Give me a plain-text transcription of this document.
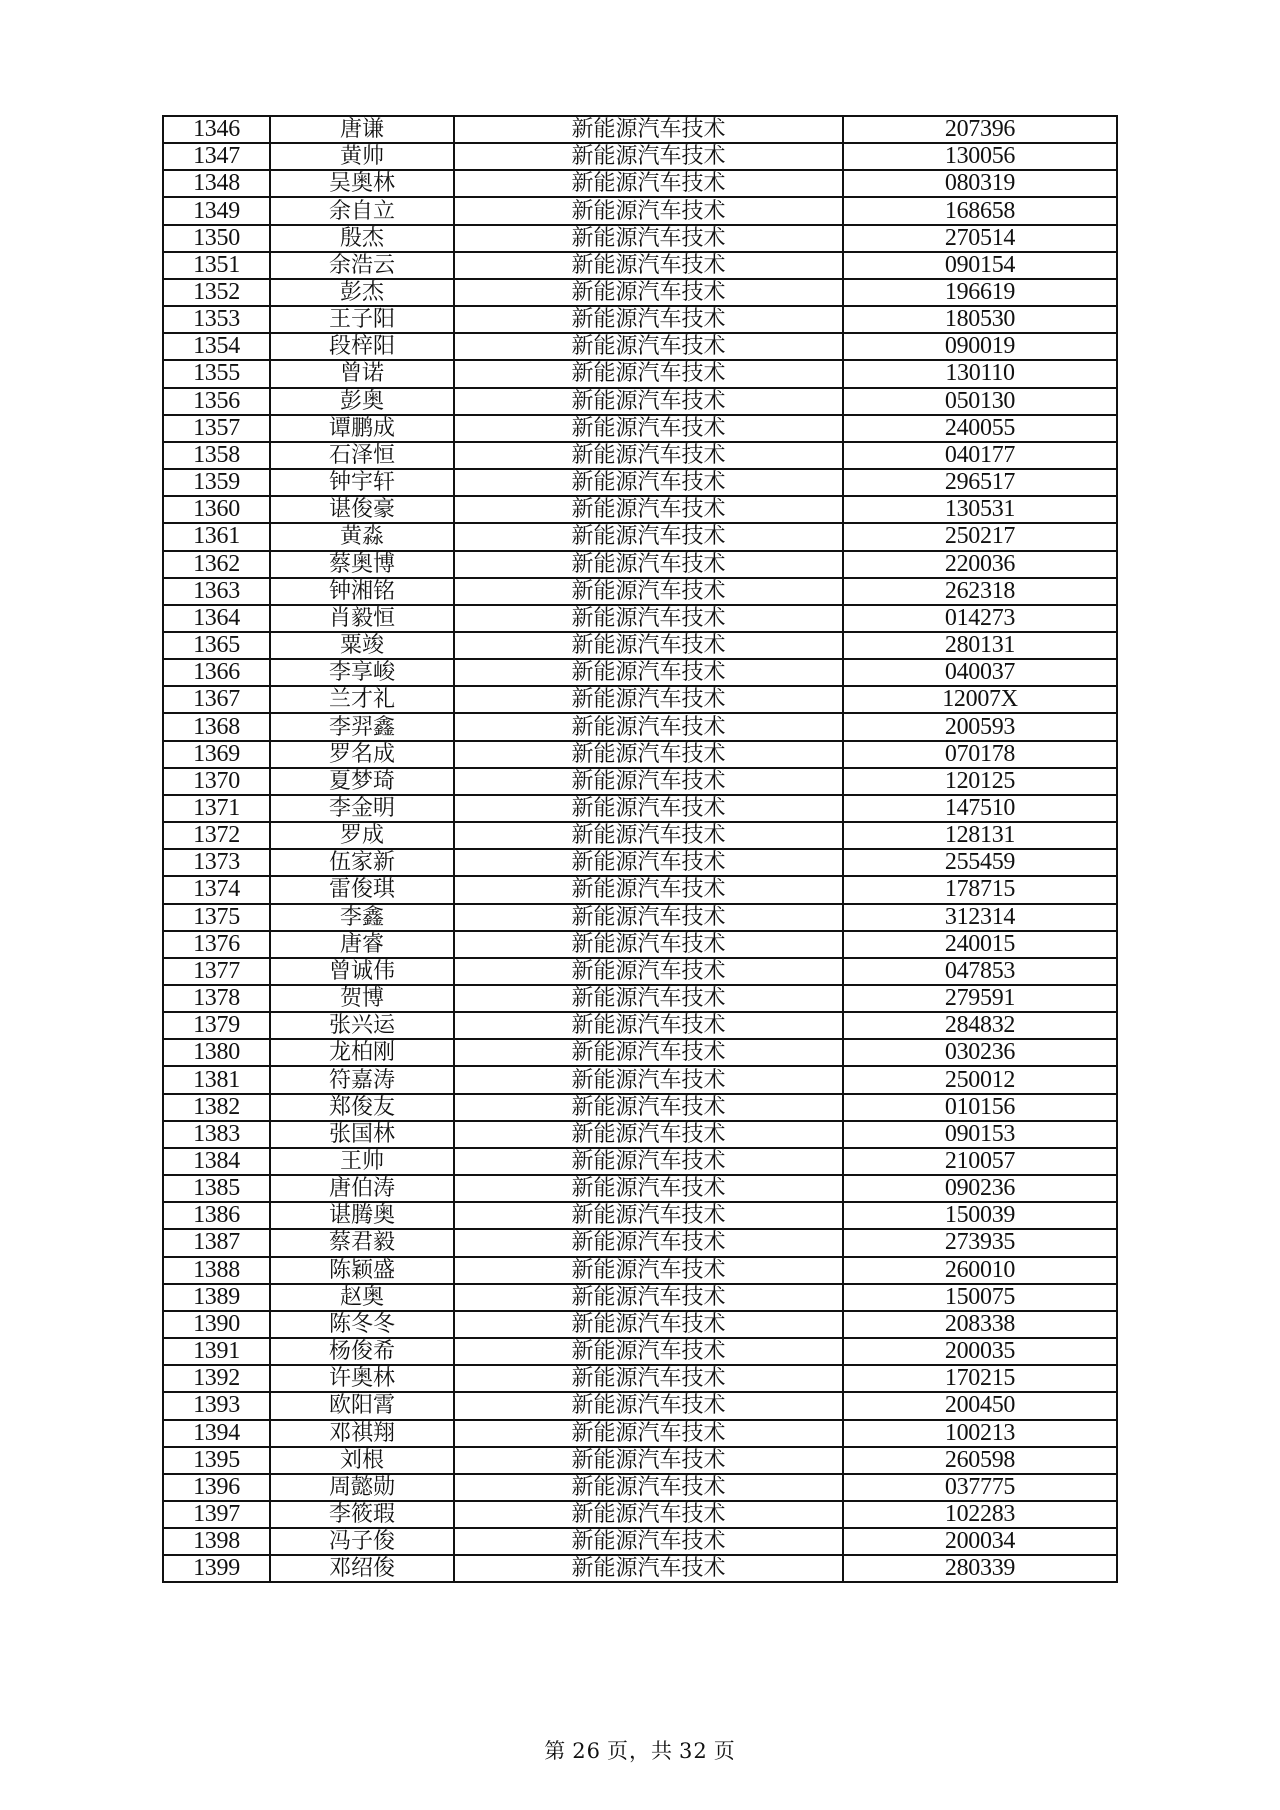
1346	唐谦	新能源汽车技术	207396
1347	黄帅	新能源汽车技术	130056
1348	吴奥林	新能源汽车技术	080319
1349	余自立	新能源汽车技术	168658
1350	殷杰	新能源汽车技术	270514
1351	余浩云	新能源汽车技术	090154
1352	彭杰	新能源汽车技术	196619
1353	王子阳	新能源汽车技术	180530
1354	段梓阳	新能源汽车技术	090019
1355	曾诺	新能源汽车技术	130110
1356	彭奥	新能源汽车技术	050130
1357	谭鹏成	新能源汽车技术	240055
1358	石泽恒	新能源汽车技术	040177
1359	钟宇轩	新能源汽车技术	296517
1360	谌俊豪	新能源汽车技术	130531
1361	黄淼	新能源汽车技术	250217
1362	蔡奥博	新能源汽车技术	220036
1363	钟湘铭	新能源汽车技术	262318
1364	肖毅恒	新能源汽车技术	014273
1365	粟竣	新能源汽车技术	280131
1366	李享峻	新能源汽车技术	040037
1367	兰才礼	新能源汽车技术	12007X
1368	李羿鑫	新能源汽车技术	200593
1369	罗名成	新能源汽车技术	070178
1370	夏梦琦	新能源汽车技术	120125
1371	李金明	新能源汽车技术	147510
1372	罗成	新能源汽车技术	128131
1373	伍家新	新能源汽车技术	255459
1374	雷俊琪	新能源汽车技术	178715
1375	李鑫	新能源汽车技术	312314
1376	唐睿	新能源汽车技术	240015
1377	曾诚伟	新能源汽车技术	047853
1378	贺博	新能源汽车技术	279591
1379	张兴运	新能源汽车技术	284832
1380	龙柏刚	新能源汽车技术	030236
1381	符嘉涛	新能源汽车技术	250012
1382	郑俊友	新能源汽车技术	010156
1383	张国林	新能源汽车技术	090153
1384	王帅	新能源汽车技术	210057
1385	唐伯涛	新能源汽车技术	090236
1386	谌腾奥	新能源汽车技术	150039
1387	蔡君毅	新能源汽车技术	273935
1388	陈颖盛	新能源汽车技术	260010
1389	赵奥	新能源汽车技术	150075
1390	陈冬冬	新能源汽车技术	208338
1391	杨俊希	新能源汽车技术	200035
1392	许奥林	新能源汽车技术	170215
1393	欧阳霄	新能源汽车技术	200450
1394	邓祺翔	新能源汽车技术	100213
1395	刘根	新能源汽车技术	260598
1396	周懿勋	新能源汽车技术	037775
1397	李筱瑕	新能源汽车技术	102283
1398	冯子俊	新能源汽车技术	200034
1399	邓绍俊	新能源汽车技术	280339
第 26 页，共 32 页
